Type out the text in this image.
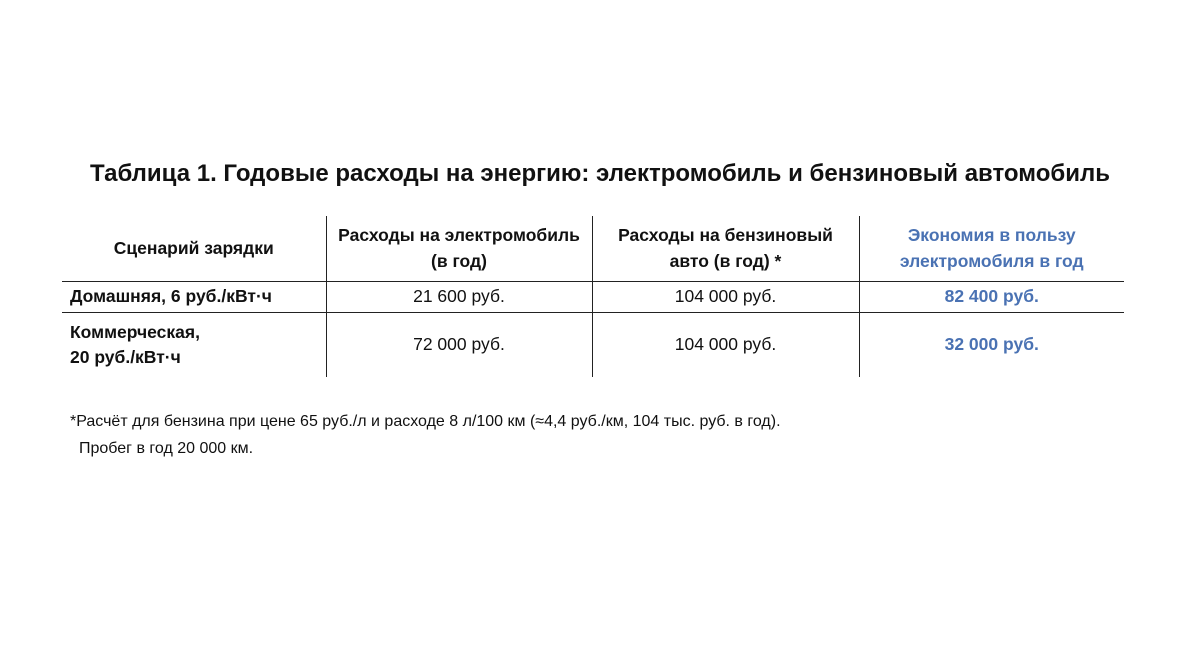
Таблица 1. Годовые расходы на энергию: электромобиль и бензиновый автомобиль
Сценарий зарядки	Расходы на электромобиль (в год)	Расходы на бензиновый авто (в год) *	Экономия в пользу электромобиля в год
Домашняя, 6 руб./кВт·ч	21 600 руб.	104 000 руб.	82 400 руб.

Коммерческая,
20 руб./кВт·ч	72 000 руб.	104 000 руб.	32 000 руб.
*Расчёт для бензина при цене 65 руб./л и расходе 8 л/100 км (≈4,4 руб./км, 104 тыс. руб. в год).
Пробег в год 20 000 км.
